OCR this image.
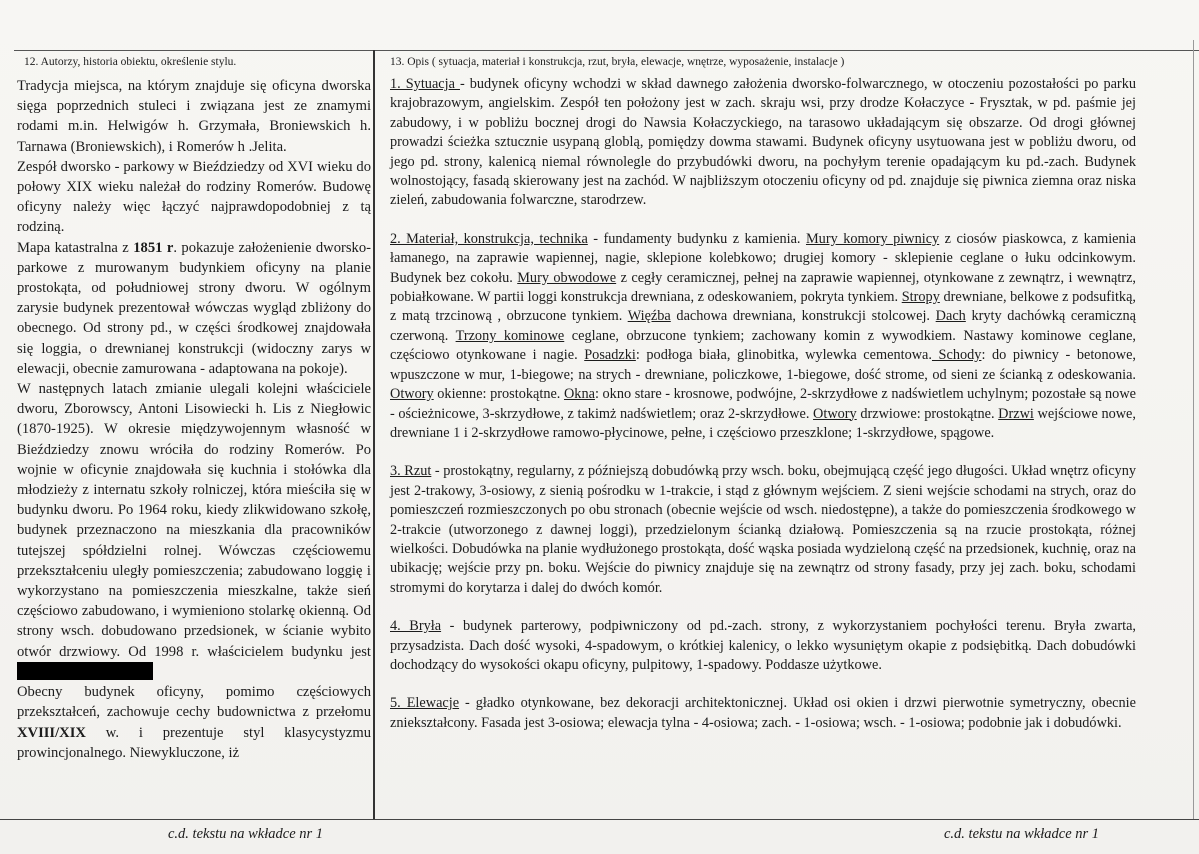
12. Autorzy, historia obiektu, określenie stylu.	13. Opis ( sytuacja, materiał i konstrukcja, rzut, bryła, elewacje, wnętrze, wyposażenie, instalacje )

Tradycja miejsca, na którym znajduje się oficyna dworska sięga poprzednich stuleci i związana jest ze znamymi rodami m.in. Helwigów h. Grzymała, Broniewskich h. Tarnawa (Broniewskich), i Romerów h .Jelita.

Zespół dworsko - parkowy w Bieździedzy od XVI wieku do połowy XIX wieku należał do rodziny Romerów. Budowę oficyny należy więc łączyć najprawdopodobniej z tą rodziną.

Mapa katastralna z 1851 r. pokazuje założenienie dworsko-parkowe z murowanym budynkiem oficyny na planie prostokąta, od południowej strony dworu. W ogólnym zarysie budynek prezentował wówczas wygląd zbliżony do obecnego. Od strony pd., w części środkowej znajdowała się loggia, o drewnianej konstrukcji (widoczny zarys w elewacji, obecnie zamurowana - adaptowana na pokoje).

W następnych latach zmianie ulegali kolejni właściciele dworu, Zborowscy, Antoni Lisowiecki h. Lis z Niegłowic (1870-1925). W okresie międzywojennym własność w Bieździedzy znowu wróciła do rodziny Romerów. Po wojnie w oficynie znajdowała się kuchnia i stołówka dla młodzieży z internatu szkoły rolniczej, która mieściła się w budynku dworu. Po 1964 roku, kiedy zlikwidowano szkołę, budynek przeznaczono na mieszkania dla pracowników tutejszej spółdzielni rolnej. Wówczas częściowemu przekształceniu uległy pomieszczenia; zabudowano loggię i wykorzystano na pomieszczenia mieszkalne, także sień częściowo zabudowano, i wymieniono stolarkę okienną. Od strony wsch. dobudowano przedsionek, w ścianie wybito otwór drzwiowy. Od 1998 r. właścicielem budynku jest

Obecny budynek oficyny, pomimo częściowych przekształceń, zachowuje cechy budownictwa z przełomu XVIII/XIX w. i prezentuje styl klasycystyzmu prowincjonalnego. Niewykluczone, iż

1. Sytuacja - budynek oficyny wchodzi w skład dawnego założenia dworsko-folwarcznego, w otoczeniu pozostałości po parku krajobrazowym, angielskim. Zespół ten położony jest w zach. skraju wsi, przy drodze Kołaczyce - Frysztak, w pd. paśmie jej zabudowy, i w pobliżu bocznej drogi do Nawsia Kołaczyckiego, na tarasowo układającym się obszarze. Od drogi głównej prowadzi ścieżka sztucznie usypaną globlą, pomiędzy dowma stawami. Budynek oficyny usytuowana jest w pobliżu dworu, od jego pd. strony, kalenicą niemal równolegle do przybudówki dworu, na pochyłym terenie opadającym ku pd.-zach. Budynek wolnostojący, fasadą skierowany jest na zachód. W najbliższym otoczeniu oficyny od pd. znajduje się piwnica ziemna oraz niska zieleń, zabudowania folwarczne, starodrzew.

2. Materiał, konstrukcja, technika - fundamenty budynku z kamienia. Mury komory piwnicy z ciosów piaskowca, z kamienia łamanego, na zaprawie wapiennej, nagie, sklepione kolebkowo; drugiej komory - sklepienie ceglane o łuku odcinkowym. Budynek bez cokołu. Mury obwodowe z cegły ceramicznej, pełnej na zaprawie wapiennej, otynkowane z zewnątrz, i wewnątrz, pobiałkowane. W partii loggi konstrukcja drewniana, z odeskowaniem, pokryta tynkiem. Stropy drewniane, belkowe z podsufitką, z matą trzcinową , obrzucone tynkiem. Więźba dachowa drewniana, konstrukcji stolcowej. Dach kryty dachówką ceramiczną czerwoną. Trzony kominowe ceglane, obrzucone tynkiem; zachowany komin z wywodkiem. Nastawy kominowe ceglane, częściowo otynkowane i nagie. Posadzki: podłoga biała, glinobitka, wylewka cementowa. Schody: do piwnicy - betonowe, wpuszczone w mur, 1-biegowe; na strych - drewniane, policzkowe, 1-biegowe, dość strome, od sieni ze ścianką z odeskowania. Otwory okienne: prostokątne. Okna: okno stare - krosnowe, podwójne, 2-skrzydłowe z nadświetlem uchylnym; pozostałe są nowe - ościeżnicowe, 3-skrzydłowe, z takimż nadświetlem; oraz 2-skrzydłowe. Otwory drzwiowe: prostokątne. Drzwi wejściowe nowe, drewniane 1 i 2-skrzydłowe ramowo-płycinowe, pełne, i częściowo przeszklone; 1-skrzydłowe, spągowe.

3. Rzut - prostokątny, regularny, z późniejszą dobudówką przy wsch. boku, obejmującą część jego długości. Układ wnętrz oficyny jest 2-trakowy, 3-osiowy, z sienią pośrodku w 1-trakcie, i stąd z głównym wejściem. Z sieni wejście schodami na strych, oraz do pomieszczeń rozmieszczonych po obu stronach (obecnie wejście od wsch. niedostępne), a także do pomieszczenia środkowego w 2-trakcie (utworzonego z dawnej loggi), przedzielonym ścianką działową. Pomieszczenia są na rzucie prostokąta, różnej wielkości. Dobudówka na planie wydłużonego prostokąta, dość wąska posiada wydzieloną część na przedsionek, kuchnię, oraz na ubikację; wejście przy pn. boku. Wejście do piwnicy znajduje się na zewnątrz od strony fasady, przy jej zach. boku, schodami stromymi do korytarza i dalej do dwóch komór.

4. Bryła - budynek parterowy, podpiwniczony od pd.-zach. strony, z wykorzystaniem pochyłości terenu. Bryła zwarta, przysadzista. Dach dość wysoki, 4-spadowym, o krótkiej kalenicy, o lekko wysuniętym okapie z podsiębitką. Dach dobudówki dochodzący do wysokości okapu oficyny, pulpitowy, 1-spadowy. Poddasze użytkowe.

5. Elewacje - gładko otynkowane, bez dekoracji architektonicznej. Układ osi okien i drzwi pierwotnie symetryczny, obecnie zniekształcony. Fasada jest 3-osiowa; elewacja tylna - 4-osiowa; zach. - 1-osiowa; wsch. - 1-osiowa; podobnie jak i dobudówki.

c.d. tekstu na wkładce nr 1	c.d. tekstu na wkładce nr 1
